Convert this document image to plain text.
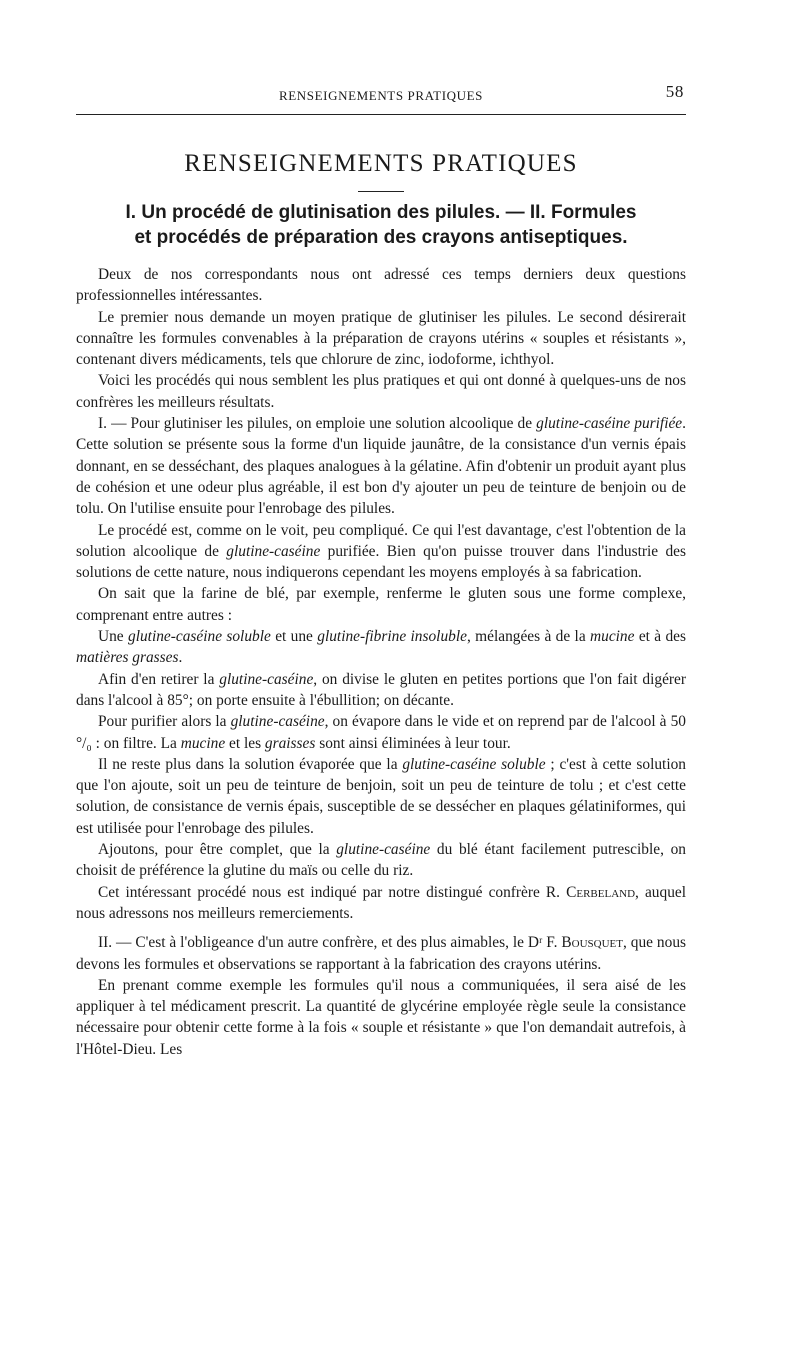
RENSEIGNEMENTS PRATIQUES	58
RENSEIGNEMENTS PRATIQUES
I. Un procédé de glutinisation des pilules. — II. Formules
et procédés de préparation des crayons antiseptiques.

Deux de nos correspondants nous ont adressé ces temps derniers deux questions professionnelles intéressantes.

Le premier nous demande un moyen pratique de glutiniser les pilules. Le second désirerait connaître les formules convenables à la préparation de crayons utérins « souples et résistants », contenant divers médicaments, tels que chlorure de zinc, iodoforme, ichthyol.

Voici les procédés qui nous semblent les plus pratiques et qui ont donné à quelques-uns de nos confrères les meilleurs résultats.

I. — Pour glutiniser les pilules, on emploie une solution alcoolique de glutine-caséine purifiée. Cette solution se présente sous la forme d'un liquide jaunâtre, de la consistance d'un vernis épais donnant, en se desséchant, des plaques analogues à la gélatine. Afin d'obtenir un produit ayant plus de cohésion et une odeur plus agréable, il est bon d'y ajouter un peu de teinture de benjoin ou de tolu. On l'utilise ensuite pour l'enrobage des pilules.

Le procédé est, comme on le voit, peu compliqué. Ce qui l'est davantage, c'est l'obtention de la solution alcoolique de glutine-caséine purifiée. Bien qu'on puisse trouver dans l'industrie des solutions de cette nature, nous indiquerons cependant les moyens employés à sa fabrication.

On sait que la farine de blé, par exemple, renferme le gluten sous une forme complexe, comprenant entre autres :

Une glutine-caséine soluble et une glutine-fibrine insoluble, mélangées à de la mucine et à des matières grasses.

Afin d'en retirer la glutine-caséine, on divise le gluten en petites portions que l'on fait digérer dans l'alcool à 85°; on porte ensuite à l'ébullition; on décante.

Pour purifier alors la glutine-caséine, on évapore dans le vide et on reprend par de l'alcool à 50 °/₀ : on filtre. La mucine et les graisses sont ainsi éliminées à leur tour.

Il ne reste plus dans la solution évaporée que la glutine-caséine soluble ; c'est à cette solution que l'on ajoute, soit un peu de teinture de benjoin, soit un peu de teinture de tolu ; et c'est cette solution, de consistance de vernis épais, susceptible de se dessécher en plaques gélatiniformes, qui est utilisée pour l'enrobage des pilules.

Ajoutons, pour être complet, que la glutine-caséine du blé étant facilement putrescible, on choisit de préférence la glutine du maïs ou celle du riz.

Cet intéressant procédé nous est indiqué par notre distingué confrère R. Cerbeland, auquel nous adressons nos meilleurs remerciements.

II. — C'est à l'obligeance d'un autre confrère, et des plus aimables, le Dʳ F. Bousquet, que nous devons les formules et observations se rapportant à la fabrication des crayons utérins.

En prenant comme exemple les formules qu'il nous a communiquées, il sera aisé de les appliquer à tel médicament prescrit. La quantité de glycérine employée règle seule la consistance nécessaire pour obtenir cette forme à la fois « souple et résistante » que l'on demandait autrefois, à l'Hôtel-Dieu. Les
